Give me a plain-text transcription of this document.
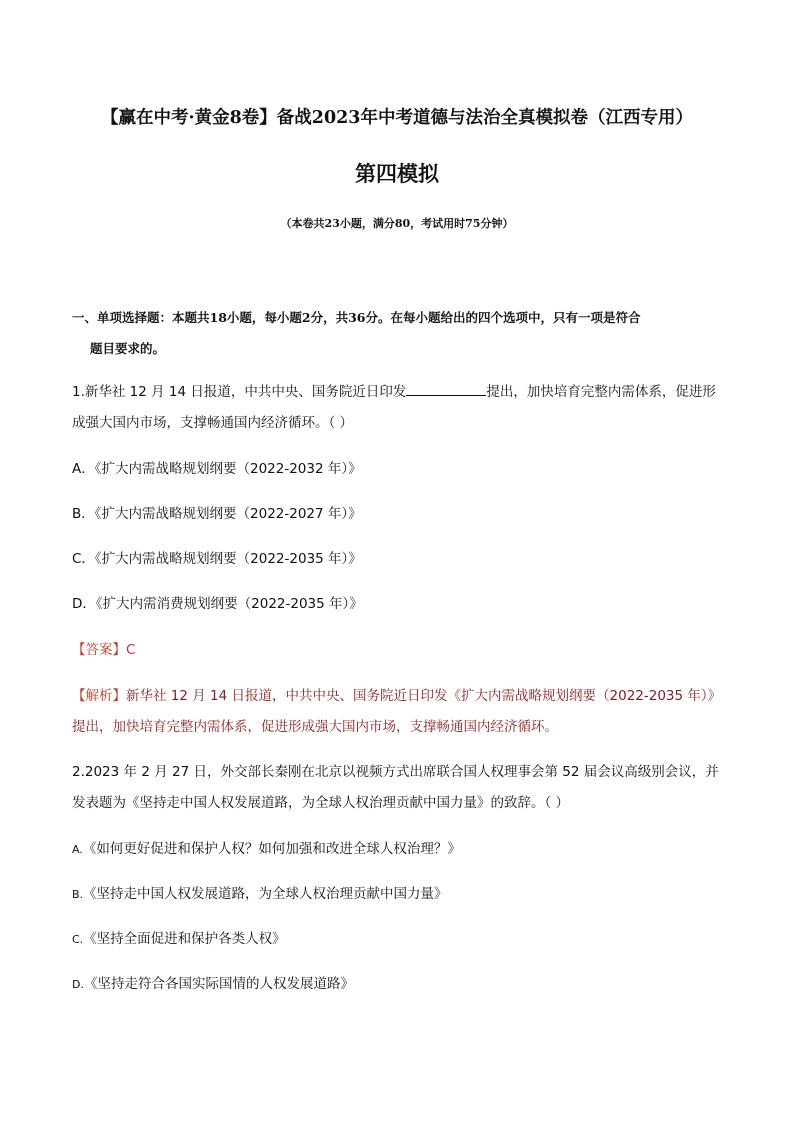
【赢在中考·黄金8卷】备战2023年中考道德与法治全真模拟卷（江西专用）
第四模拟
（本卷共23小题，满分80，考试用时75分钟）
一、单项选择题：本题共18小题，每小题2分，共36分。在每小题给出的四个选项中，只有一项是符合
题目要求的。
1.新华社 12 月 14 日报道，中共中央、国务院近日印发	提出，加快培育完整内需体系，促进形
成强大国内市场，支撑畅通国内经济循环。（ ）
A．《扩大内需战略规划纲要（2022-2032 年）》
B．《扩大内需战略规划纲要（2022-2027 年）》
C．《扩大内需战略规划纲要（2022-2035 年）》
D．《扩大内需消费规划纲要（2022-2035 年）》
【答案】C
【解析】新华社 12 月 14 日报道，中共中央、国务院近日印发《扩大内需战略规划纲要（2022-2035 年）》
提出，加快培育完整内需体系，促进形成强大国内市场，支撑畅通国内经济循环。
2.2023 年 2 月 27 日，外交部长秦刚在北京以视频方式出席联合国人权理事会第 52 届会议高级别会议，并
发表题为《坚持走中国人权发展道路，为全球人权治理贡献中国力量》的致辞。（ ）
A.《如何更好促进和保护人权？如何加强和改进全球人权治理？》
B.《坚持走中国人权发展道路，为全球人权治理贡献中国力量》
C.《坚持全面促进和保护各类人权》
D.《坚持走符合各国实际国情的人权发展道路》
